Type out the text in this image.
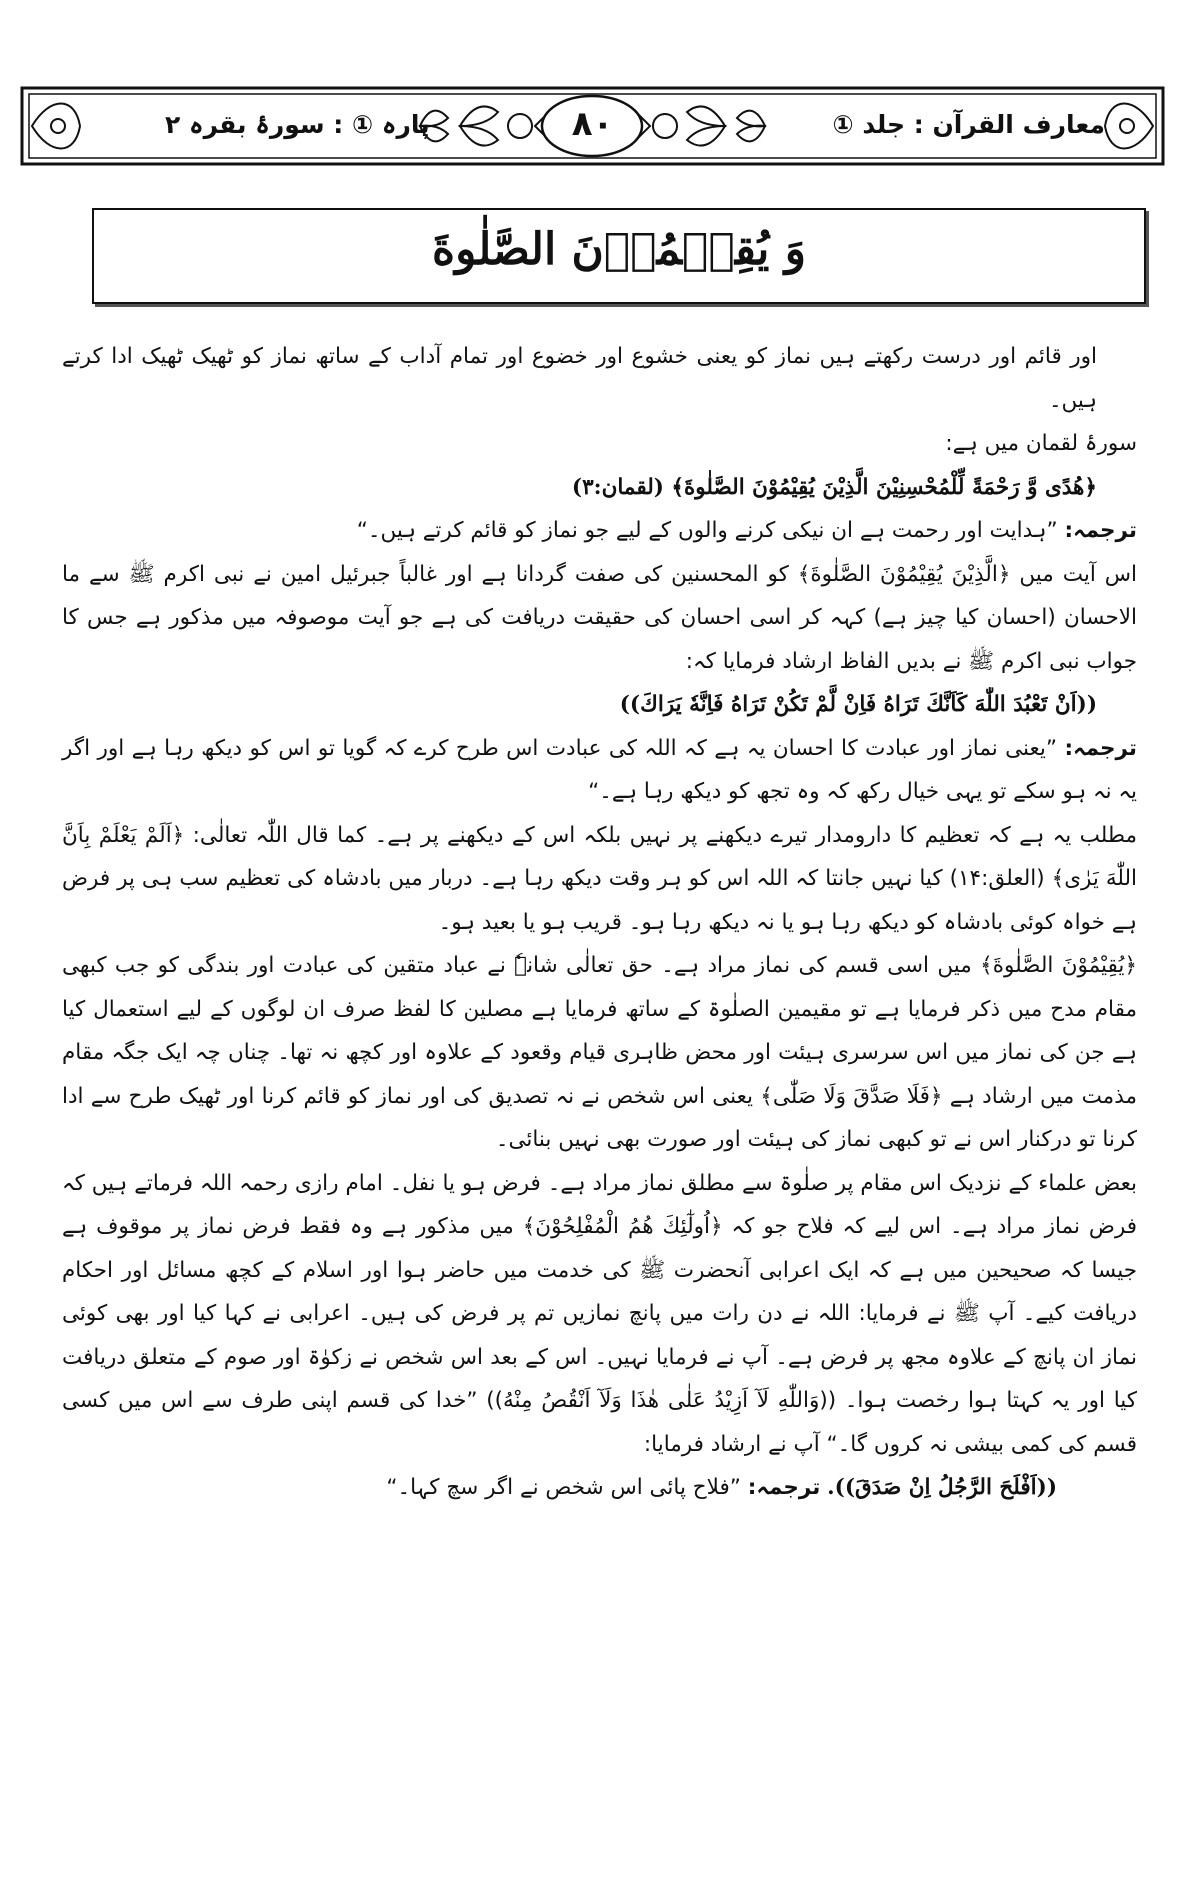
۸۰	معارف القرآن : جلد ①
پارہ ① : سورۂ بقرہ ۲
وَ يُقِيۡمُوۡنَ الصَّلٰوةَ

اور قائم اور درست رکھتے ہیں نماز کو یعنی خشوع اور خضوع اور تمام آداب کے ساتھ نماز کو ٹھیک ٹھیک ادا کرتے ہیں۔

سورۂ لقمان میں ہے:

﴿هُدًى وَّ رَحْمَةً لِّلْمُحْسِنِيْنَ الَّذِيْنَ يُقِيْمُوْنَ الصَّلٰوةَ﴾ (لقمان:۳)

ترجمہ: ”ہدایت اور رحمت ہے ان نیکی کرنے والوں کے لیے جو نماز کو قائم کرتے ہیں۔“

اس آیت میں ﴿الَّذِيْنَ يُقِيْمُوْنَ الصَّلٰوةَ﴾ کو المحسنین کی صفت گردانا ہے اور غالباً جبرئیل امین نے نبی اکرم ﷺ سے ما الاحسان (احسان کیا چیز ہے) کہہ کر اسی احسان کی حقیقت دریافت کی ہے جو آیت موصوفہ میں مذکور ہے جس کا جواب نبی اکرم ﷺ نے بدیں الفاظ ارشاد فرمایا کہ:

((اَنْ تَعْبُدَ اللّٰهَ كَاَنَّكَ تَرَاهُ فَاِنْ لَّمْ تَكُنْ تَرَاهُ فَاِنَّهٗ يَرَاكَ))

ترجمہ: ”یعنی نماز اور عبادت کا احسان یہ ہے کہ اللہ کی عبادت اس طرح کرے کہ گویا تو اس کو دیکھ رہا ہے اور اگر یہ نہ ہو سکے تو یہی خیال رکھ کہ وہ تجھ کو دیکھ رہا ہے۔“

مطلب یہ ہے کہ تعظیم کا دارومدار تیرے دیکھنے پر نہیں بلکہ اس کے دیکھنے پر ہے۔ کما قال اللّٰہ تعالٰی: ﴿اَلَمْ يَعْلَمْ بِاَنَّ اللّٰهَ يَرٰى﴾ (العلق:۱۴) کیا نہیں جانتا کہ اللہ اس کو ہر وقت دیکھ رہا ہے۔ دربار میں بادشاہ کی تعظیم سب ہی پر فرض ہے خواہ کوئی بادشاہ کو دیکھ رہا ہو یا نہ دیکھ رہا ہو۔ قریب ہو یا بعید ہو۔

﴿يُقِيْمُوْنَ الصَّلٰوةَ﴾ میں اسی قسم کی نماز مراد ہے۔ حق تعالٰی شانہٗ نے عباد متقین کی عبادت اور بندگی کو جب کبھی مقام مدح میں ذکر فرمایا ہے تو مقیمین الصلٰوۃ کے ساتھ فرمایا ہے مصلین کا لفظ صرف ان لوگوں کے لیے استعمال کیا ہے جن کی نماز میں اس سرسری ہیئت اور محض ظاہری قیام وقعود کے علاوہ اور کچھ نہ تھا۔ چناں چہ ایک جگہ مقام مذمت میں ارشاد ہے ﴿فَلَا صَدَّقَ وَلَا صَلّٰى﴾ یعنی اس شخص نے نہ تصدیق کی اور نماز کو قائم کرنا اور ٹھیک طرح سے ادا کرنا تو درکنار اس نے تو کبھی نماز کی ہیئت اور صورت بھی نہیں بنائی۔

بعض علماء کے نزدیک اس مقام پر صلٰوۃ سے مطلق نماز مراد ہے۔ فرض ہو یا نفل۔ امام رازی رحمہ اللہ فرماتے ہیں کہ فرض نماز مراد ہے۔ اس لیے کہ فلاح جو کہ ﴿اُولٰٓئِكَ هُمُ الْمُفْلِحُوْنَ﴾ میں مذکور ہے وہ فقط فرض نماز پر موقوف ہے جیسا کہ صحیحین میں ہے کہ ایک اعرابی آنحضرت ﷺ کی خدمت میں حاضر ہوا اور اسلام کے کچھ مسائل اور احکام دریافت کیے۔ آپ ﷺ نے فرمایا: اللہ نے دن رات میں پانچ نمازیں تم پر فرض کی ہیں۔ اعرابی نے کہا کیا اور بھی کوئی نماز ان پانچ کے علاوہ مجھ پر فرض ہے۔ آپ نے فرمایا نہیں۔ اس کے بعد اس شخص نے زکوٰۃ اور صوم کے متعلق دریافت کیا اور یہ کہتا ہوا رخصت ہوا۔ ((وَاللّٰهِ لَآ اَزِيْدُ عَلٰى هٰذَا وَلَآ اَنْقُصُ مِنْهُ)) ”خدا کی قسم اپنی طرف سے اس میں کسی قسم کی کمی بیشی نہ کروں گا۔“ آپ نے ارشاد فرمایا:

((اَفْلَحَ الرَّجُلُ اِنْ صَدَقَ)). ترجمہ: ”فلاح پائی اس شخص نے اگر سچ کہا۔“
